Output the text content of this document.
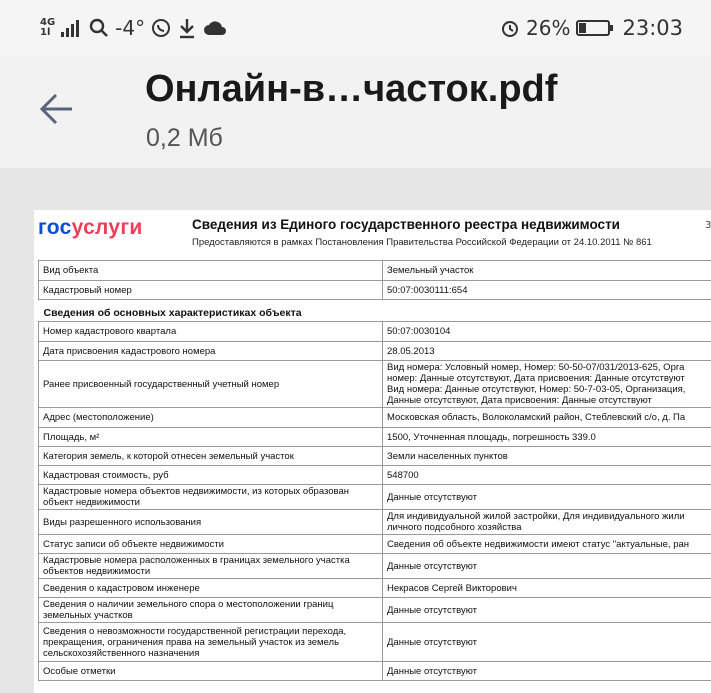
4G
1l	-4°	26% 23:03
Онлайн-в…часток.pdf
0,2 Мб
госуслуги	Сведения из Единого государственного реестра недвижимости
Предоставляются в рамках Постановления Правительства Российской Федерации от 24.10.2011 № 861
3
Вид объекта	Земельный участок
Кадастровый номер	50:07:0030111:654
Сведения об основных характеристиках объекта	
Номер кадастрового квартала	50:07:0030104
Дата присвоения кадастрового номера	28.05.2013
Ранее присвоенный государственный учетный номер	Вид номера: Условный номер, Номер: 50-50-07/031/2013-625, Орга
номер: Данные отсутствуют, Дата присвоения: Данные отсутствуют
Вид номера: Данные отсутствуют, Номер: 50-7-03-05, Организация,
Данные отсутствуют, Дата присвоения: Данные отсутствуют
Адрес (местоположение)	Московская область, Волоколамский район, Стеблевский с/о, д. Па
Площадь, м²	1500, Уточненная площадь, погрешность 339.0
Категория земель, к которой отнесен земельный участок	Земли населенных пунктов
Кадастровая стоимость, руб	548700
Кадастровые номера объектов недвижимости, из которых образован
объект недвижимости	Данные отсутствуют
Виды разрешенного использования	Для индивидуальной жилой застройки, Для индивидуального жили
личного подсобного хозяйства
Статус записи об объекте недвижимости	Сведения об объекте недвижимости имеют статус "актуальные, ран
Кадастровые номера расположенных в границах земельного участка
объектов недвижимости	Данные отсутствуют
Сведения о кадастровом инженере	Некрасов Сергей Викторович
Сведения о наличии земельного спора о местоположении границ
земельных участков	Данные отсутствуют
Сведения о невозможности государственной регистрации перехода,
прекращения, ограничения права на земельный участок из земель
сельскохозяйственного назначения	Данные отсутствуют
Особые отметки	Данные отсутствуют
